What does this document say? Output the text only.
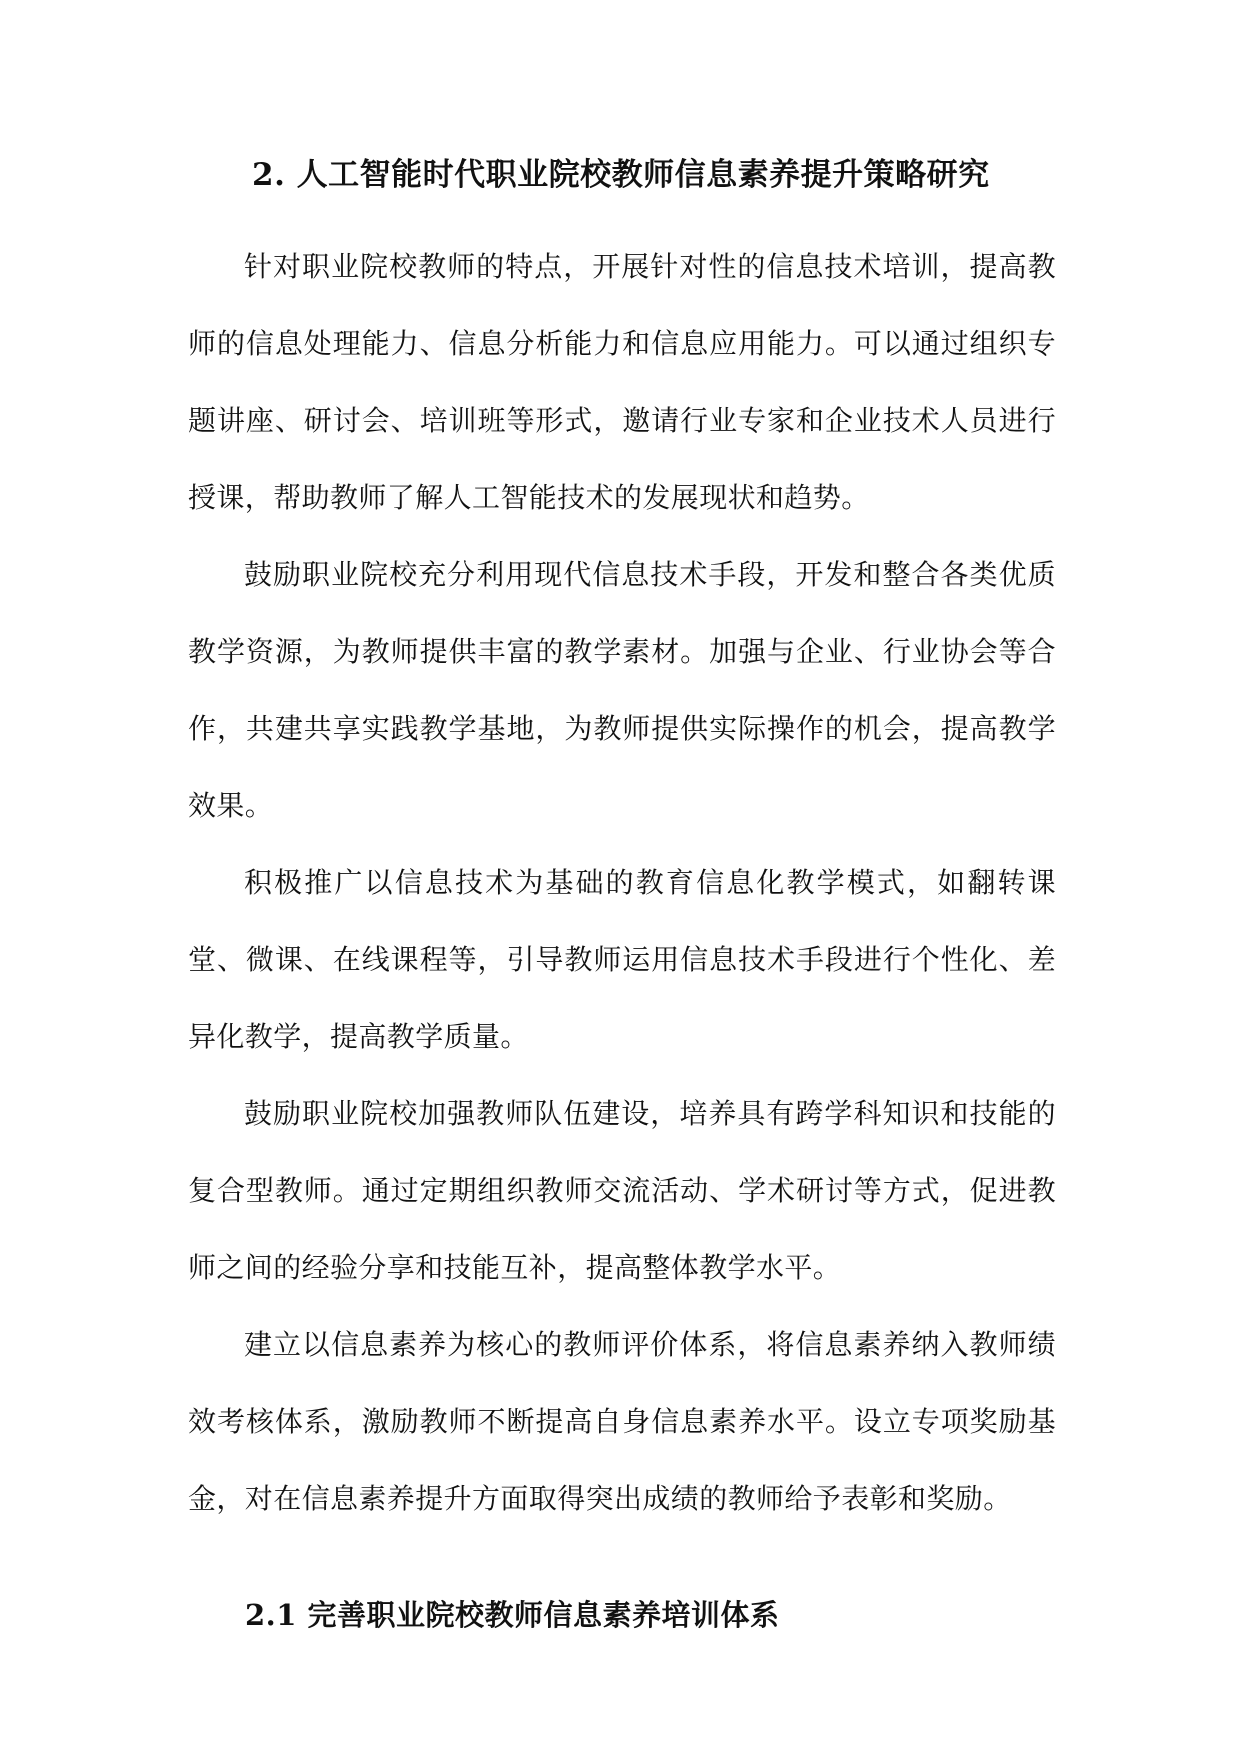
2. 人工智能时代职业院校教师信息素养提升策略研究

针对职业院校教师的特点，开展针对性的信息技术培训，提高教师的信息处理能力、信息分析能力和信息应用能力。可以通过组织专题讲座、研讨会、培训班等形式，邀请行业专家和企业技术人员进行授课，帮助教师了解人工智能技术的发展现状和趋势。

鼓励职业院校充分利用现代信息技术手段，开发和整合各类优质教学资源，为教师提供丰富的教学素材。加强与企业、行业协会等合作，共建共享实践教学基地，为教师提供实际操作的机会，提高教学效果。

积极推广以信息技术为基础的教育信息化教学模式，如翻转课堂、微课、在线课程等，引导教师运用信息技术手段进行个性化、差异化教学，提高教学质量。

鼓励职业院校加强教师队伍建设，培养具有跨学科知识和技能的复合型教师。通过定期组织教师交流活动、学术研讨等方式，促进教师之间的经验分享和技能互补，提高整体教学水平。

建立以信息素养为核心的教师评价体系，将信息素养纳入教师绩效考核体系，激励教师不断提高自身信息素养水平。设立专项奖励基金，对在信息素养提升方面取得突出成绩的教师给予表彰和奖励。

2.1 完善职业院校教师信息素养培训体系
